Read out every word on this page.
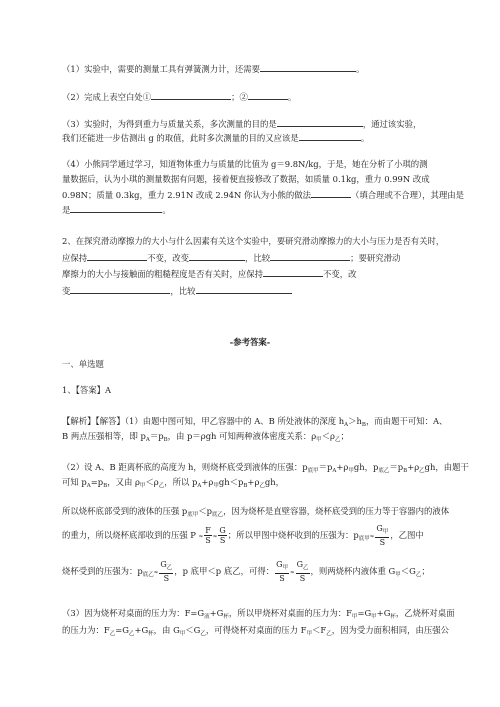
（1）实验中，需要的测量工具有弹簧测力计，还需要	。
（2）完成上表空白处①	；②	。
（3）实验时，为得到重力与质量关系，多次测量的目的是	，通过该实验，
我们还能进一步估测出 g 的取值，此时多次测量的目的又应该是	。
（4）小熊同学通过学习，知道物体重力与质量的比值为 g＝9.8N/kg，于是，她在分析了小琪的测
量数据后，认为小琪的测量数据有问题，接着便直接修改了数据，如质量 0.1kg，重力 0.99N 改成
0.98N；质量 0.3kg，重力 2.91N 改成 2.94N 你认为小熊的做法	（填合理或不合理），其理由是
是	。
2、在探究滑动摩擦力的大小与什么因素有关这个实验中，要研究滑动摩擦力的大小与压力是否有关时，
应保持	不变，改变	，比较	；要研究滑动
摩擦力的大小与接触面的粗糙程度是否有关时，应保持	不变，改
变	，比较
-参考答案-
一、单选题
1、【答案】A
【解析】【解答】（1）由题中图可知，甲乙容器中的 A、B 所处液体的深度 $h_A>h_B$，而由题干可知：A、
B 两点压强相等，即 $p_A=p_B$，由 p＝ρgh 可知两种液体密度关系：$\rho_甲<\rho_乙$；
（2）设 A、B 距离杯底的高度为 h，则烧杯底受到液体的压强：$p_{底甲}=p_A+\rho_甲gh$，$p_{底乙}=p_B+\rho_乙gh$，由题干
可知 $p_A=p_B$，又由 $\rho_甲<\rho_乙$，所以 $p_A+\rho_甲gh<p_B+\rho_乙gh$，
所以烧杯底部受到的液体的压强 $p_{底甲}<p_{底乙}$，因为烧杯是直壁容器，烧杯底受到的压力等于容器内的液体
的重力，所以烧杯底部收到的压强 $P \approx \frac{F}{S} \approx \frac{G}{S}$ ；所以甲图中烧杯收到的压强为：$p_{底甲}\approx \frac{G_甲}{S}$ ，乙图中
烧杯受到的压强为：$p_{底乙}\approx \frac{G_乙}{S}$ ，p 底甲＜p 底乙，可得： $\frac{G_甲}{S} \approx \frac{G_乙}{S}$ ，则两烧杯内液体重 $G_甲<G_乙$；
（3）因为烧杯对桌面的压力为：$F=G_液+G_杯$，所以甲烧杯对桌面的压力为：$F_甲=G_甲+G_杯$，乙烧杯对桌面
的压力为：$F_乙=G_乙+G_杯$，由 $G_甲<G_乙$，可得烧杯对桌面的压力 $F_甲<F_乙$，因为受力面积相同，由压强公
